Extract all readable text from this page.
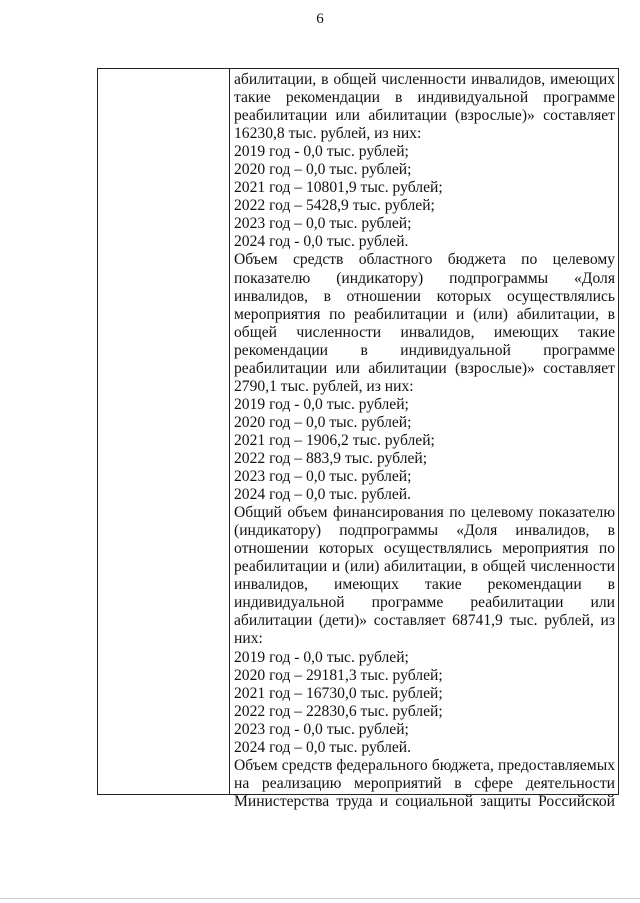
6
абилитации, в общей численности инвалидов, имеющих
такие рекомендации в индивидуальной программе
реабилитации или абилитации (взрослые)» составляет
16230,8 тыс. рублей, из них:
2019 год - 0,0 тыс. рублей;
2020 год – 0,0 тыс. рублей;
2021 год – 10801,9 тыс. рублей;
2022 год – 5428,9 тыс. рублей;
2023 год – 0,0 тыс. рублей;
2024 год - 0,0 тыс. рублей.
Объем средств областного бюджета по целевому
показателю (индикатору) подпрограммы «Доля
инвалидов, в отношении которых осуществлялись
мероприятия по реабилитации и (или) абилитации, в
общей численности инвалидов, имеющих такие
рекомендации в индивидуальной программе
реабилитации или абилитации (взрослые)» составляет
2790,1 тыс. рублей, из них:
2019 год - 0,0 тыс. рублей;
2020 год – 0,0 тыс. рублей;
2021 год – 1906,2 тыс. рублей;
2022 год – 883,9 тыс. рублей;
2023 год – 0,0 тыс. рублей;
2024 год – 0,0 тыс. рублей.
Общий объем финансирования по целевому показателю
(индикатору) подпрограммы «Доля инвалидов, в
отношении которых осуществлялись мероприятия по
реабилитации и (или) абилитации, в общей численности
инвалидов, имеющих такие рекомендации в
индивидуальной программе реабилитации или
абилитации (дети)» составляет 68741,9 тыс. рублей, из
них:
2019 год - 0,0 тыс. рублей;
2020 год – 29181,3 тыс. рублей;
2021 год – 16730,0 тыс. рублей;
2022 год – 22830,6 тыс. рублей;
2023 год - 0,0 тыс. рублей;
2024 год – 0,0 тыс. рублей.
Объем средств федерального бюджета, предоставляемых
на реализацию мероприятий в сфере деятельности
Министерства труда и социальной защиты Российской
